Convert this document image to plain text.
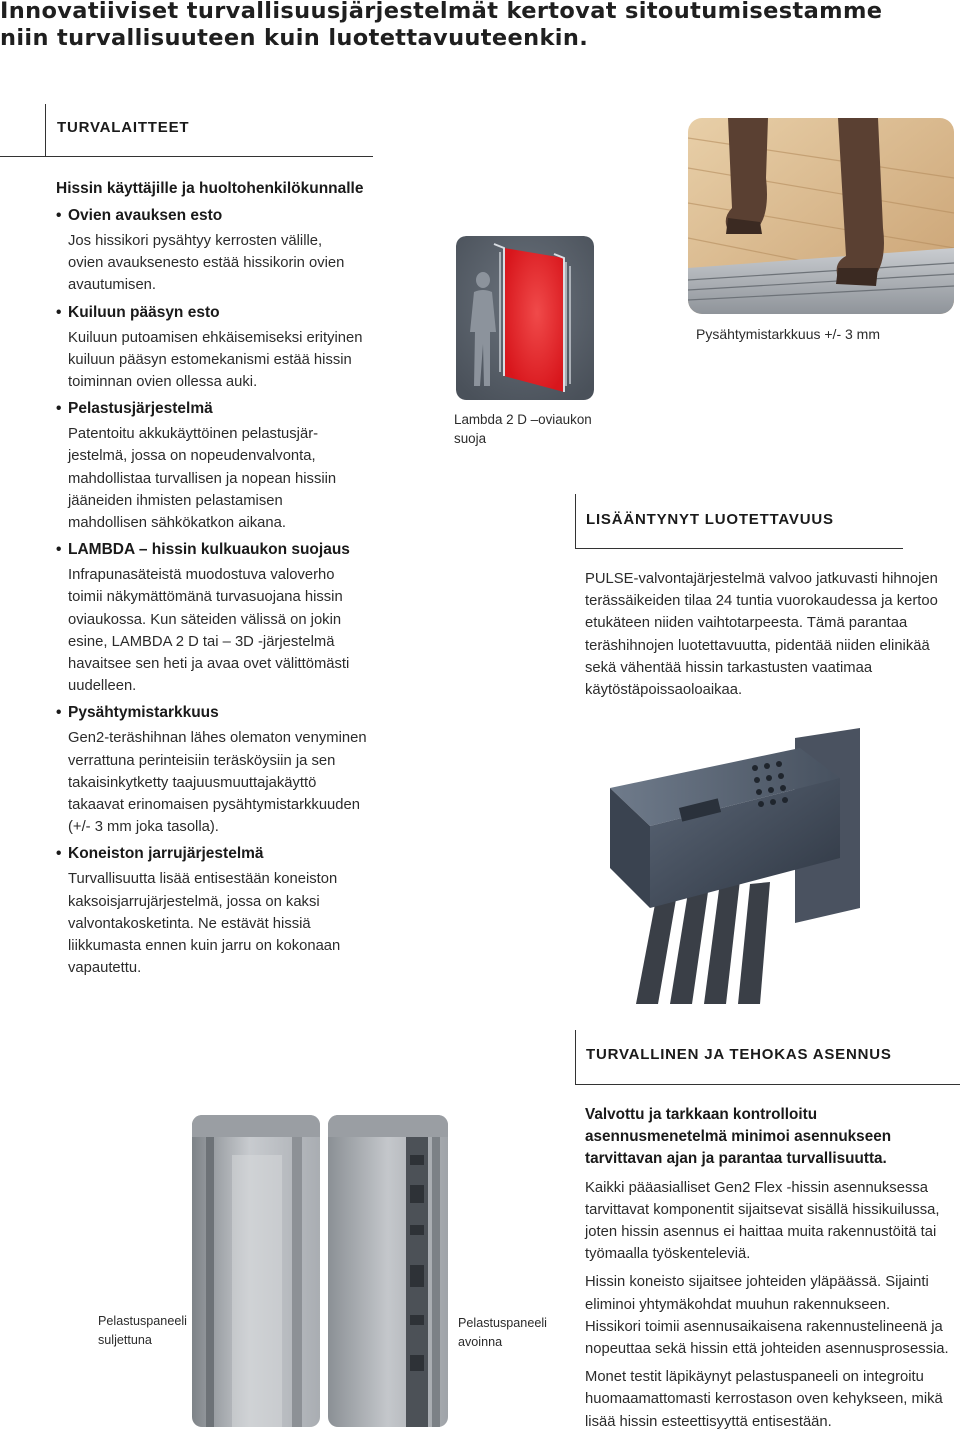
Innovatiiviset turvallisuusjärjestelmät kertovat sitoutumisestamme
niin turvallisuuteen kuin luotettavuuteenkin.
TURVALAITTEET
Hissin käyttäjille ja huoltohenkilökunnalle
• Ovien avauksen esto
Jos hissikori pysähtyy kerrosten välille,
ovien avauksenesto estää hissikorin ovien
avautumisen.
• Kuiluun pääsyn esto
Kuiluun putoamisen ehkäisemiseksi erityinen
kuiluun pääsyn estomekanismi estää hissin
toiminnan ovien ollessa auki.
• Pelastusjärjestelmä
Patentoitu akkukäyttöinen pelastusjär-
jestelmä, jossa on nopeudenvalvonta,
mahdollistaa turvallisen ja nopean hissiin
jääneiden ihmisten pelastamisen
mahdollisen sähkökatkon aikana.
• LAMBDA – hissin kulkuaukon suojaus
Infrapunasäteistä muodostuva valoverho
toimii näkymättömänä turvasuojana hissin
oviaukossa. Kun säteiden välissä on jokin
esine, LAMBDA 2 D tai – 3D -järjestelmä
havaitsee sen heti ja avaa ovet välittömästi
uudelleen.
• Pysähtymistarkkuus
Gen2-teräshihnan lähes olematon venyminen
verrattuna perinteisiin teräsköysiin ja sen
takaisinkytketty taajuusmuuttajakäyttö
takaavat erinomaisen pysähtymistarkkuuden
(+/- 3 mm joka tasolla).
• Koneiston jarrujärjestelmä
Turvallisuutta lisää entisestään koneiston
kaksoisjarrujärjestelmä, jossa on kaksi
valvontakosketinta. Ne estävät hissiä
liikkumasta ennen kuin jarru on kokonaan
vapautettu.
Lambda 2 D –oviaukon
suoja
Pysähtymistarkkuus +/- 3 mm
LISÄÄNTYNYT LUOTETTAVUUS
PULSE-valvontajärjestelmä valvoo jatkuvasti hihnojen
terässäikeiden tilaa 24 tuntia vuorokaudessa ja kertoo
etukäteen niiden vaihtotarpeesta. Tämä parantaa
teräshihnojen luotettavuutta, pidentää niiden elinikää
sekä vähentää hissin tarkastusten vaatimaa
käytöstäpoissaoloaikaa.
TURVALLINEN JA TEHOKAS ASENNUS
Valvottu ja tarkkaan kontrolloitu
asennusmenetelmä minimoi asennukseen
tarvittavan ajan ja parantaa turvallisuutta.
Kaikki pääasialliset Gen2 Flex -hissin asennuksessa
tarvittavat komponentit sijaitsevat sisällä hissikuilussa,
joten hissin asennus ei haittaa muita rakennustöitä tai
työmaalla työskenteleviä.
Hissin koneisto sijaitsee johteiden yläpäässä. Sijainti
eliminoi yhtymäkohdat muuhun rakennukseen.
Hissikori toimii asennusaikaisena rakennustelineenä ja
nopeuttaa sekä hissin että johteiden asennusprosessia.
Monet testit läpikäynyt pelastuspaneeli on integroitu
huomaamattomasti kerrostason oven kehykseen, mikä
lisää hissin esteettisyyttä entisestään.
Pelastuspaneeli
suljettuna
Pelastuspaneeli
avoinna
